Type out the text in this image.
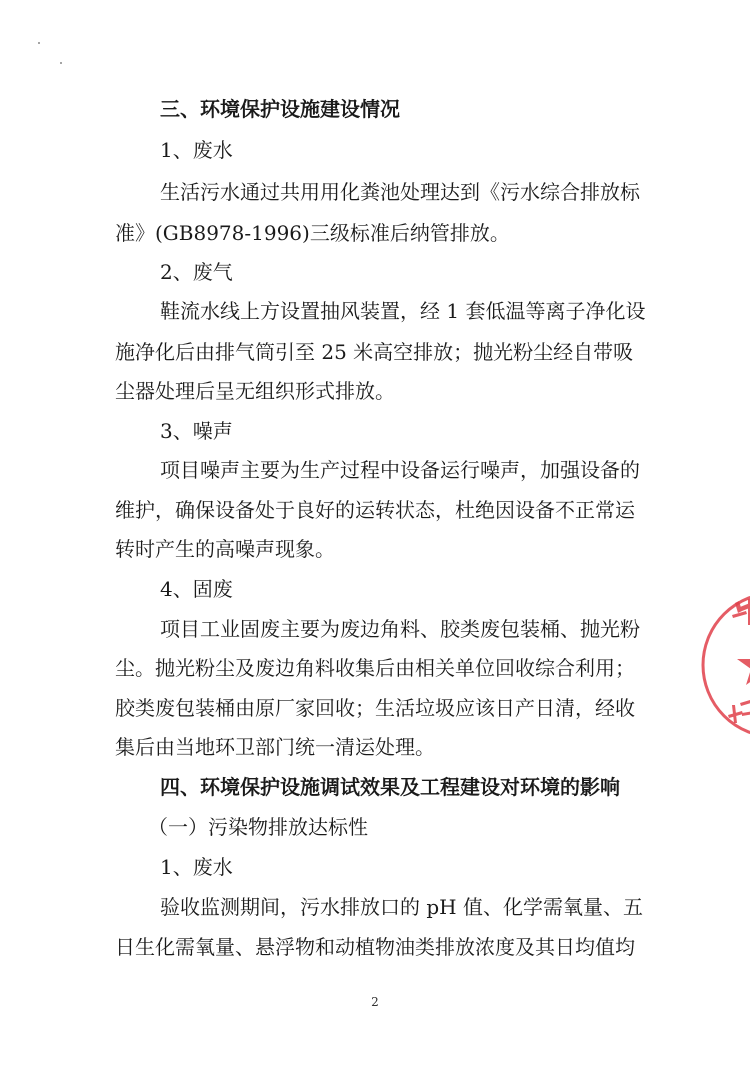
三、环境保护设施建设情况
1、废水
生活污水通过共用用化粪池处理达到《污水综合排放标
准》(GB8978-1996)三级标准后纳管排放。
2、废气
鞋流水线上方设置抽风装置，经 1 套低温等离子净化设
施净化后由排气筒引至 25 米高空排放；抛光粉尘经自带吸
尘器处理后呈无组织形式排放。
3、噪声
项目噪声主要为生产过程中设备运行噪声，加强设备的
维护，确保设备处于良好的运转状态，杜绝因设备不正常运
转时产生的高噪声现象。
4、固废
项目工业固废主要为废边角料、胶类废包装桶、抛光粉
尘。抛光粉尘及废边角料收集后由相关单位回收综合利用；
胶类废包装桶由原厂家回收；生活垃圾应该日产日清，经收
集后由当地环卫部门统一清运处理。
四、环境保护设施调试效果及工程建设对环境的影响
（一）污染物排放达标性
1、废水
验收监测期间，污水排放口的 pH 值、化学需氧量、五
日生化需氧量、悬浮物和动植物油类排放浓度及其日均值均
2
